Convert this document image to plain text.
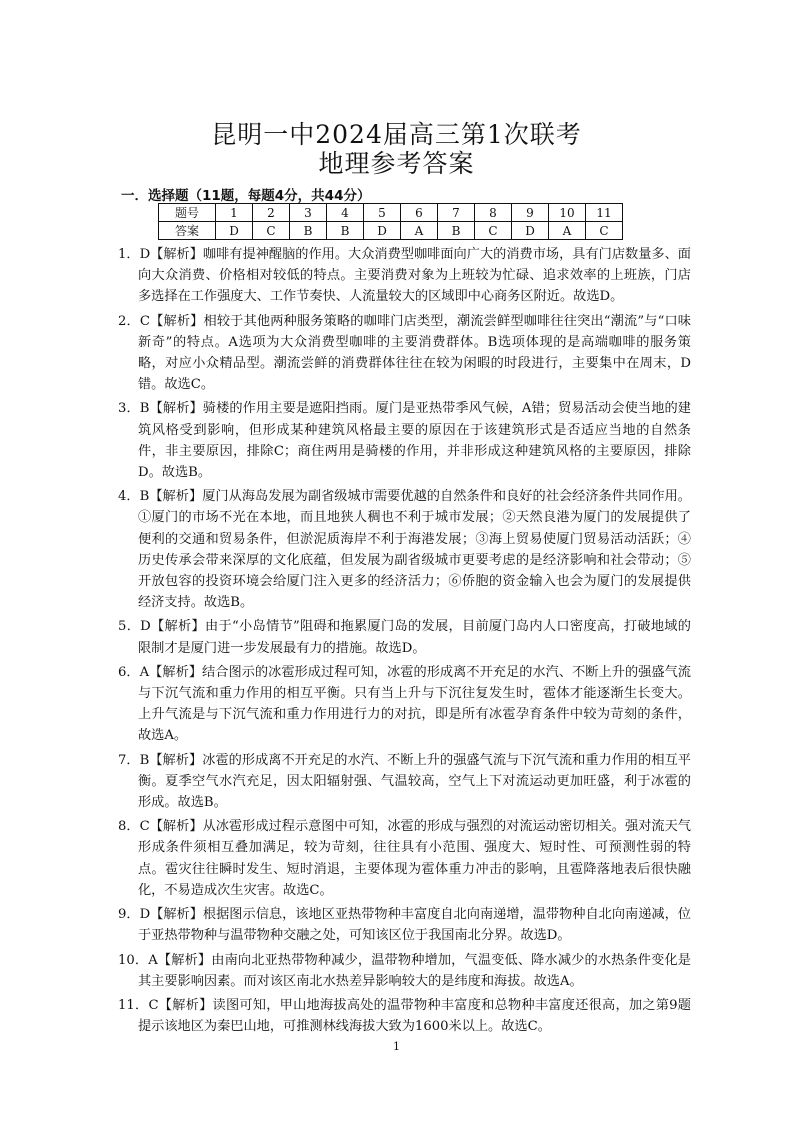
昆明一中2024届高三第1次联考
地理参考答案
一．选择题（11题，每题4分，共44分）
题号	1	2	3	4	5	6	7	8	9	10	11
答案	D	C	B	B	D	A	B	C	D	A	C

1．D【解析】咖啡有提神醒脑的作用。大众消费型咖啡面向广大的消费市场，具有门店数量多、面向大众消费、价格相对较低的特点。主要消费对象为上班较为忙碌、追求效率的上班族，门店多选择在工作强度大、工作节奏快、人流量较大的区域即中心商务区附近。故选D。

2．C【解析】相较于其他两种服务策略的咖啡门店类型，潮流尝鲜型咖啡往往突出“潮流”与“口味新奇”的特点。A选项为大众消费型咖啡的主要消费群体。B选项体现的是高端咖啡的服务策略，对应小众精品型。潮流尝鲜的消费群体往往在较为闲暇的时段进行，主要集中在周末，D错。故选C。

3．B【解析】骑楼的作用主要是遮阳挡雨。厦门是亚热带季风气候，A错；贸易活动会使当地的建筑风格受到影响，但形成某种建筑风格最主要的原因在于该建筑形式是否适应当地的自然条件，非主要原因，排除C；商住两用是骑楼的作用，并非形成这种建筑风格的主要原因，排除D。故选B。

4．B【解析】厦门从海岛发展为副省级城市需要优越的自然条件和良好的社会经济条件共同作用。①厦门的市场不光在本地，而且地狭人稠也不利于城市发展；②天然良港为厦门的发展提供了便利的交通和贸易条件，但淤泥质海岸不利于海港发展；③海上贸易使厦门贸易活动活跃；④历史传承会带来深厚的文化底蕴，但发展为副省级城市更要考虑的是经济影响和社会带动；⑤开放包容的投资环境会给厦门注入更多的经济活力；⑥侨胞的资金输入也会为厦门的发展提供经济支持。故选B。

5．D【解析】由于“小岛情节”阻碍和拖累厦门岛的发展，目前厦门岛内人口密度高，打破地域的限制才是厦门进一步发展最有力的措施。故选D。

6．A【解析】结合图示的冰雹形成过程可知，冰雹的形成离不开充足的水汽、不断上升的强盛气流与下沉气流和重力作用的相互平衡。只有当上升与下沉往复发生时，雹体才能逐渐生长变大。上升气流是与下沉气流和重力作用进行力的对抗，即是所有冰雹孕育条件中较为苛刻的条件，故选A。

7．B【解析】冰雹的形成离不开充足的水汽、不断上升的强盛气流与下沉气流和重力作用的相互平衡。夏季空气水汽充足，因太阳辐射强、气温较高，空气上下对流运动更加旺盛，利于冰雹的形成。故选B。

8．C【解析】从冰雹形成过程示意图中可知，冰雹的形成与强烈的对流运动密切相关。强对流天气形成条件须相互叠加满足，较为苛刻，往往具有小范围、强度大、短时性、可预测性弱的特点。雹灾往往瞬时发生、短时消退，主要体现为雹体重力冲击的影响，且雹降落地表后很快融化，不易造成次生灾害。故选C。

9．D【解析】根据图示信息，该地区亚热带物种丰富度自北向南递增，温带物种自北向南递减，位于亚热带物种与温带物种交融之处，可知该区位于我国南北分界。故选D。

10．A【解析】由南向北亚热带物种减少，温带物种增加，气温变低、降水减少的水热条件变化是其主要影响因素。而对该区南北水热差异影响较大的是纬度和海拔。故选A。

11．C【解析】读图可知，甲山地海拔高处的温带物种丰富度和总物种丰富度还很高，加之第9题提示该地区为秦巴山地，可推测林线海拔大致为1600米以上。故选C。

1
